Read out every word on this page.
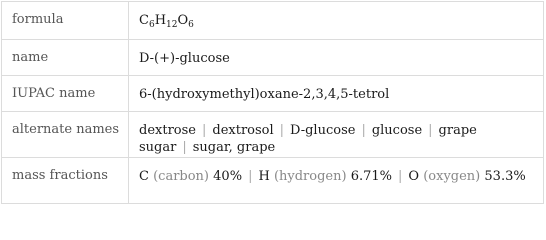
formula	$C_6H_{12}O_6$
name	D-(+)-glucose
IUPAC name	6-(hydroxymethyl)oxane-2,3,4,5-tetrol
alternate names	dextrose | dextrosol | D-glucose | glucose | grape sugar | sugar, grape
mass fractions	C (carbon) 40% | H (hydrogen) 6.71% | O (oxygen) 53.3%
